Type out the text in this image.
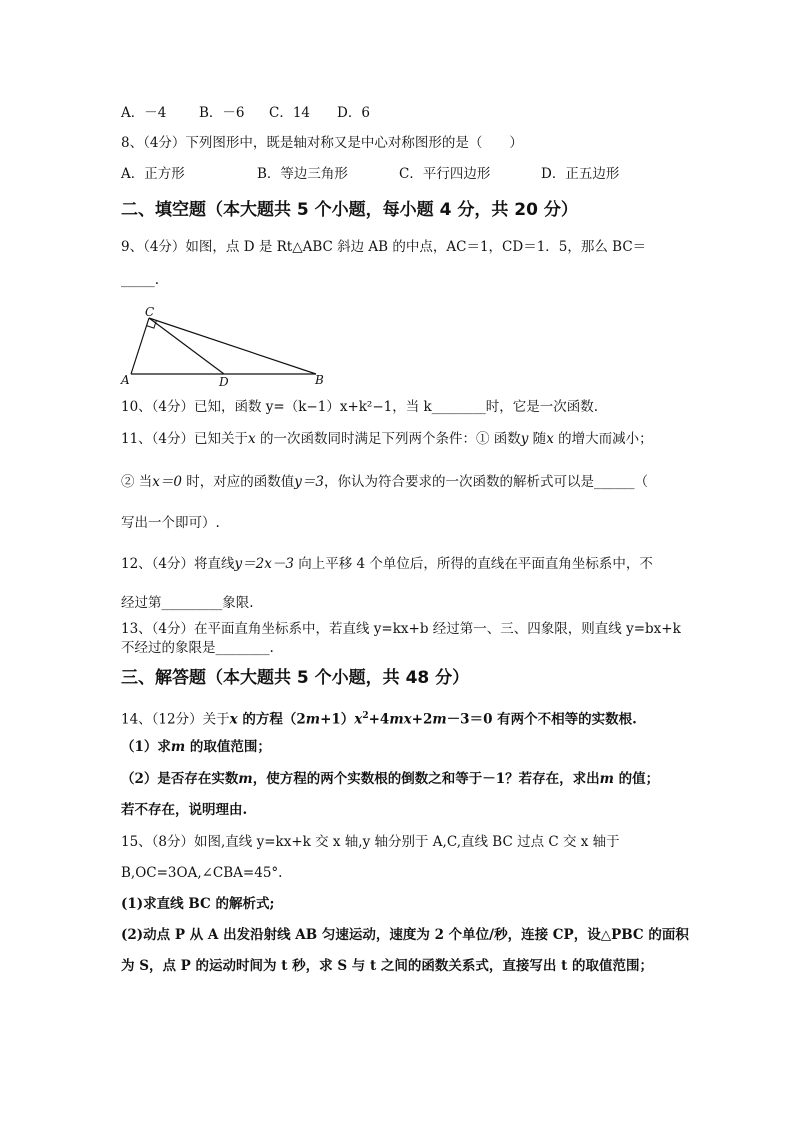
A．－4 B．－6 C．14 D．6
8、（4分）下列图形中，既是轴对称又是中心对称图形的是（　　）
A．正方形	B．等边三角形	C．平行四边形	D．正五边形
二、填空题（本大题共 5 个小题，每小题 4 分，共 20 分）
9、（4分）如图，点 D 是 Rt△ABC 斜边 AB 的中点，AC＝1，CD＝1．5，那么 BC＝
_____.
C
A	D	B
10、（4分）已知，函数 y=（k−1）x+k²−1，当 k________时，它是一次函数.
11、（4分）已知关于x 的一次函数同时满足下列两个条件：① 函数y 随x 的增大而减小；
② 当x＝0 时，对应的函数值y＝3，你认为符合要求的一次函数的解析式可以是______（
写出一个即可）.
12、（4分）将直线y＝2x－3 向上平移 4 个单位后，所得的直线在平面直角坐标系中，不
经过第_________象限.
13、（4分）在平面直角坐标系中，若直线 y=kx+b 经过第一、三、四象限，则直线 y=bx+k
不经过的象限是________.
三、解答题（本大题共 5 个小题，共 48 分）
14、（12分）关于x 的方程$(2m+1)x^2+4mx+2m-3=0$ 有两个不相等的实数根.
（1）求m 的取值范围；
（2）是否存在实数m，使方程的两个实数根的倒数之和等于－1？若存在，求出m 的值；
若不存在，说明理由.
15、（8分）如图,直线 y=kx+k 交 x 轴,y 轴分别于 A,C,直线 BC 过点 C 交 x 轴于
B,OC=3OA,∠CBA=45°.
(1)求直线 BC 的解析式;
(2)动点 P 从 A 出发沿射线 AB 匀速运动，速度为 2 个单位/秒，连接 CP，设△PBC 的面积
为 S，点 P 的运动时间为 t 秒，求 S 与 t 之间的函数关系式，直接写出 t 的取值范围；
